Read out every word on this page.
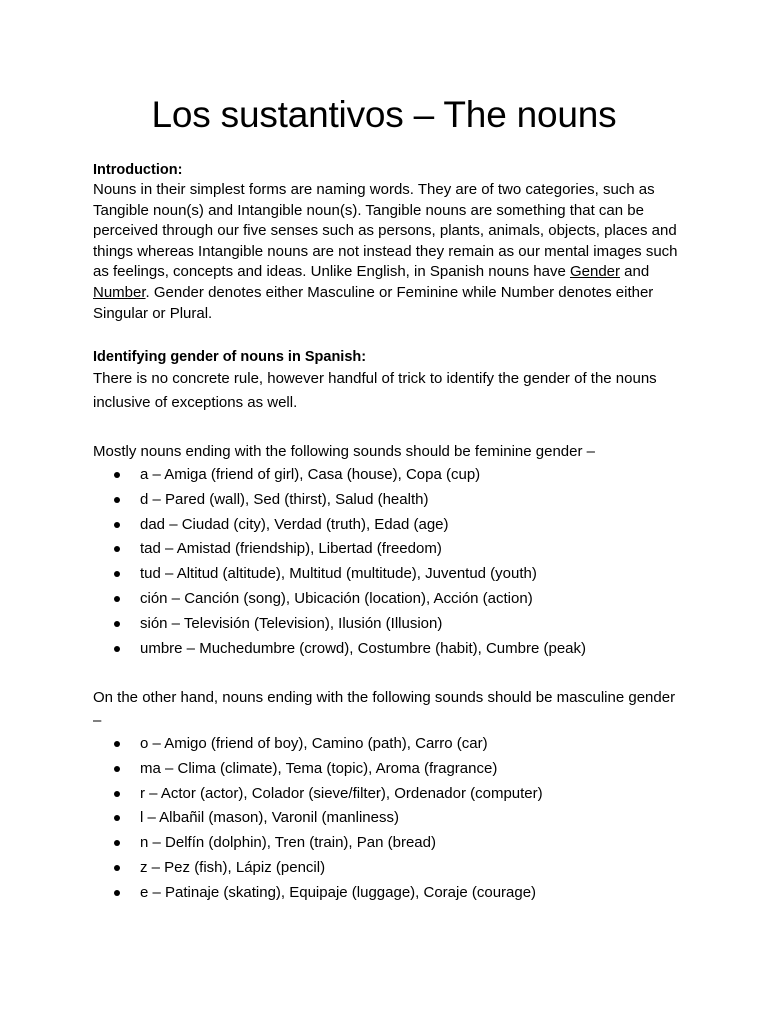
Los sustantivos – The nouns

Introduction:

Nouns in their simplest forms are naming words. They are of two categories, such as Tangible noun(s) and Intangible noun(s). Tangible nouns are something that can be perceived through our five senses such as persons, plants, animals, objects, places and things whereas Intangible nouns are not instead they remain as our mental images such as feelings, concepts and ideas. Unlike English, in Spanish nouns have Gender and Number. Gender denotes either Masculine or Feminine while Number denotes either Singular or Plural.

Identifying gender of nouns in Spanish:

There is no concrete rule, however handful of trick to identify the gender of the nouns inclusive of exceptions as well.

Mostly nouns ending with the following sounds should be feminine gender –

a – Amiga (friend of girl), Casa (house), Copa (cup)
d – Pared (wall), Sed (thirst), Salud (health)
dad – Ciudad (city), Verdad (truth), Edad (age)
tad – Amistad (friendship), Libertad (freedom)
tud – Altitud (altitude), Multitud (multitude), Juventud (youth)
ción – Canción (song), Ubicación (location), Acción (action)
sión – Televisión (Television), Ilusión (Illusion)
umbre – Muchedumbre (crowd), Costumbre (habit), Cumbre (peak)

On the other hand, nouns ending with the following sounds should be masculine gender –

o – Amigo (friend of boy), Camino (path), Carro (car)
ma – Clima (climate), Tema (topic), Aroma (fragrance)
r – Actor (actor), Colador (sieve/filter), Ordenador (computer)
l – Albañil (mason), Varonil (manliness)
n – Delfín (dolphin), Tren (train), Pan (bread)
z – Pez (fish), Lápiz (pencil)
e – Patinaje (skating), Equipaje (luggage), Coraje (courage)
